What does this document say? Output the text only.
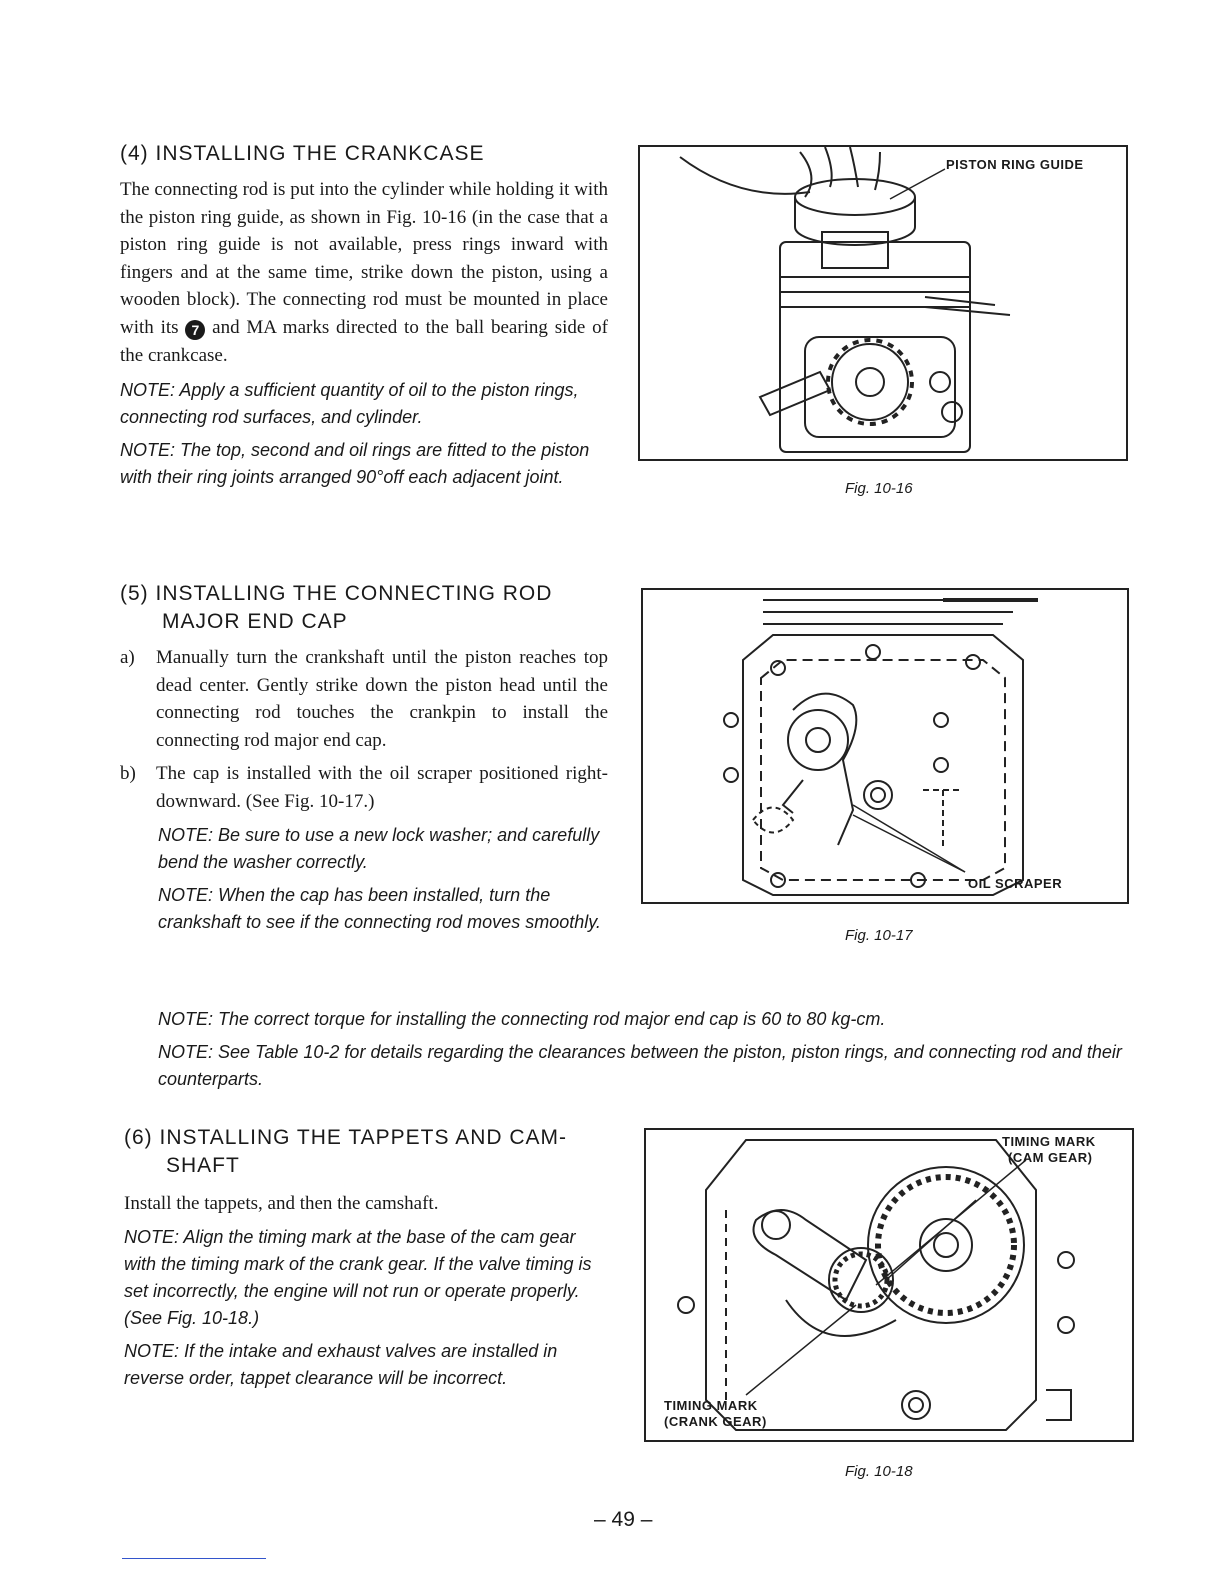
(4) INSTALLING THE CRANKCASE

The connecting rod is put into the cylinder while holding it with the piston ring guide, as shown in Fig. 10-16 (in the case that a piston ring guide is not available, press rings inward with fingers and at the same time, strike down the piston, using a wooden block). The connecting rod must be mounted in place with its 7 and MA marks directed to the ball bearing side of the crankcase.

NOTE: Apply a sufficient quantity of oil to the piston rings, connecting rod surfaces, and cylinder.

NOTE: The top, second and oil rings are fitted to the piston with their ring joints arranged 90°off each adjacent joint.

PISTON RING GUIDE
Fig. 10-16
(5) INSTALLING THE CONNECTING ROD
MAJOR END CAP
a)	Manually turn the crankshaft until the piston reaches top dead center. Gently strike down the piston head until the connecting rod touches the crankpin to install the connecting rod major end cap.
b)	The cap is installed with the oil scraper positioned right-downward. (See Fig. 10-17.)

NOTE: Be sure to use a new lock washer; and carefully bend the washer correctly.

NOTE: When the cap has been installed, turn the crankshaft to see if the connecting rod moves smoothly.

NOTE: The correct torque for installing the connecting rod major end cap is 60 to 80 kg-cm.

NOTE: See Table 10-2 for details regarding the clearances between the piston, piston rings, and connecting rod and their counterparts.

OIL SCRAPER
Fig. 10-17
(6) INSTALLING THE TAPPETS AND CAM-
SHAFT

Install the tappets, and then the camshaft.

NOTE: Align the timing mark at the base of the cam gear with the timing mark of the crank gear. If the valve timing is set incorrectly, the engine will not run or operate properly. (See Fig. 10-18.)

NOTE: If the intake and exhaust valves are installed in reverse order, tappet clearance will be incorrect.

TIMING MARK
(CAM GEAR)
TIMING MARK
(CRANK GEAR)
Fig. 10-18
– 49 –
